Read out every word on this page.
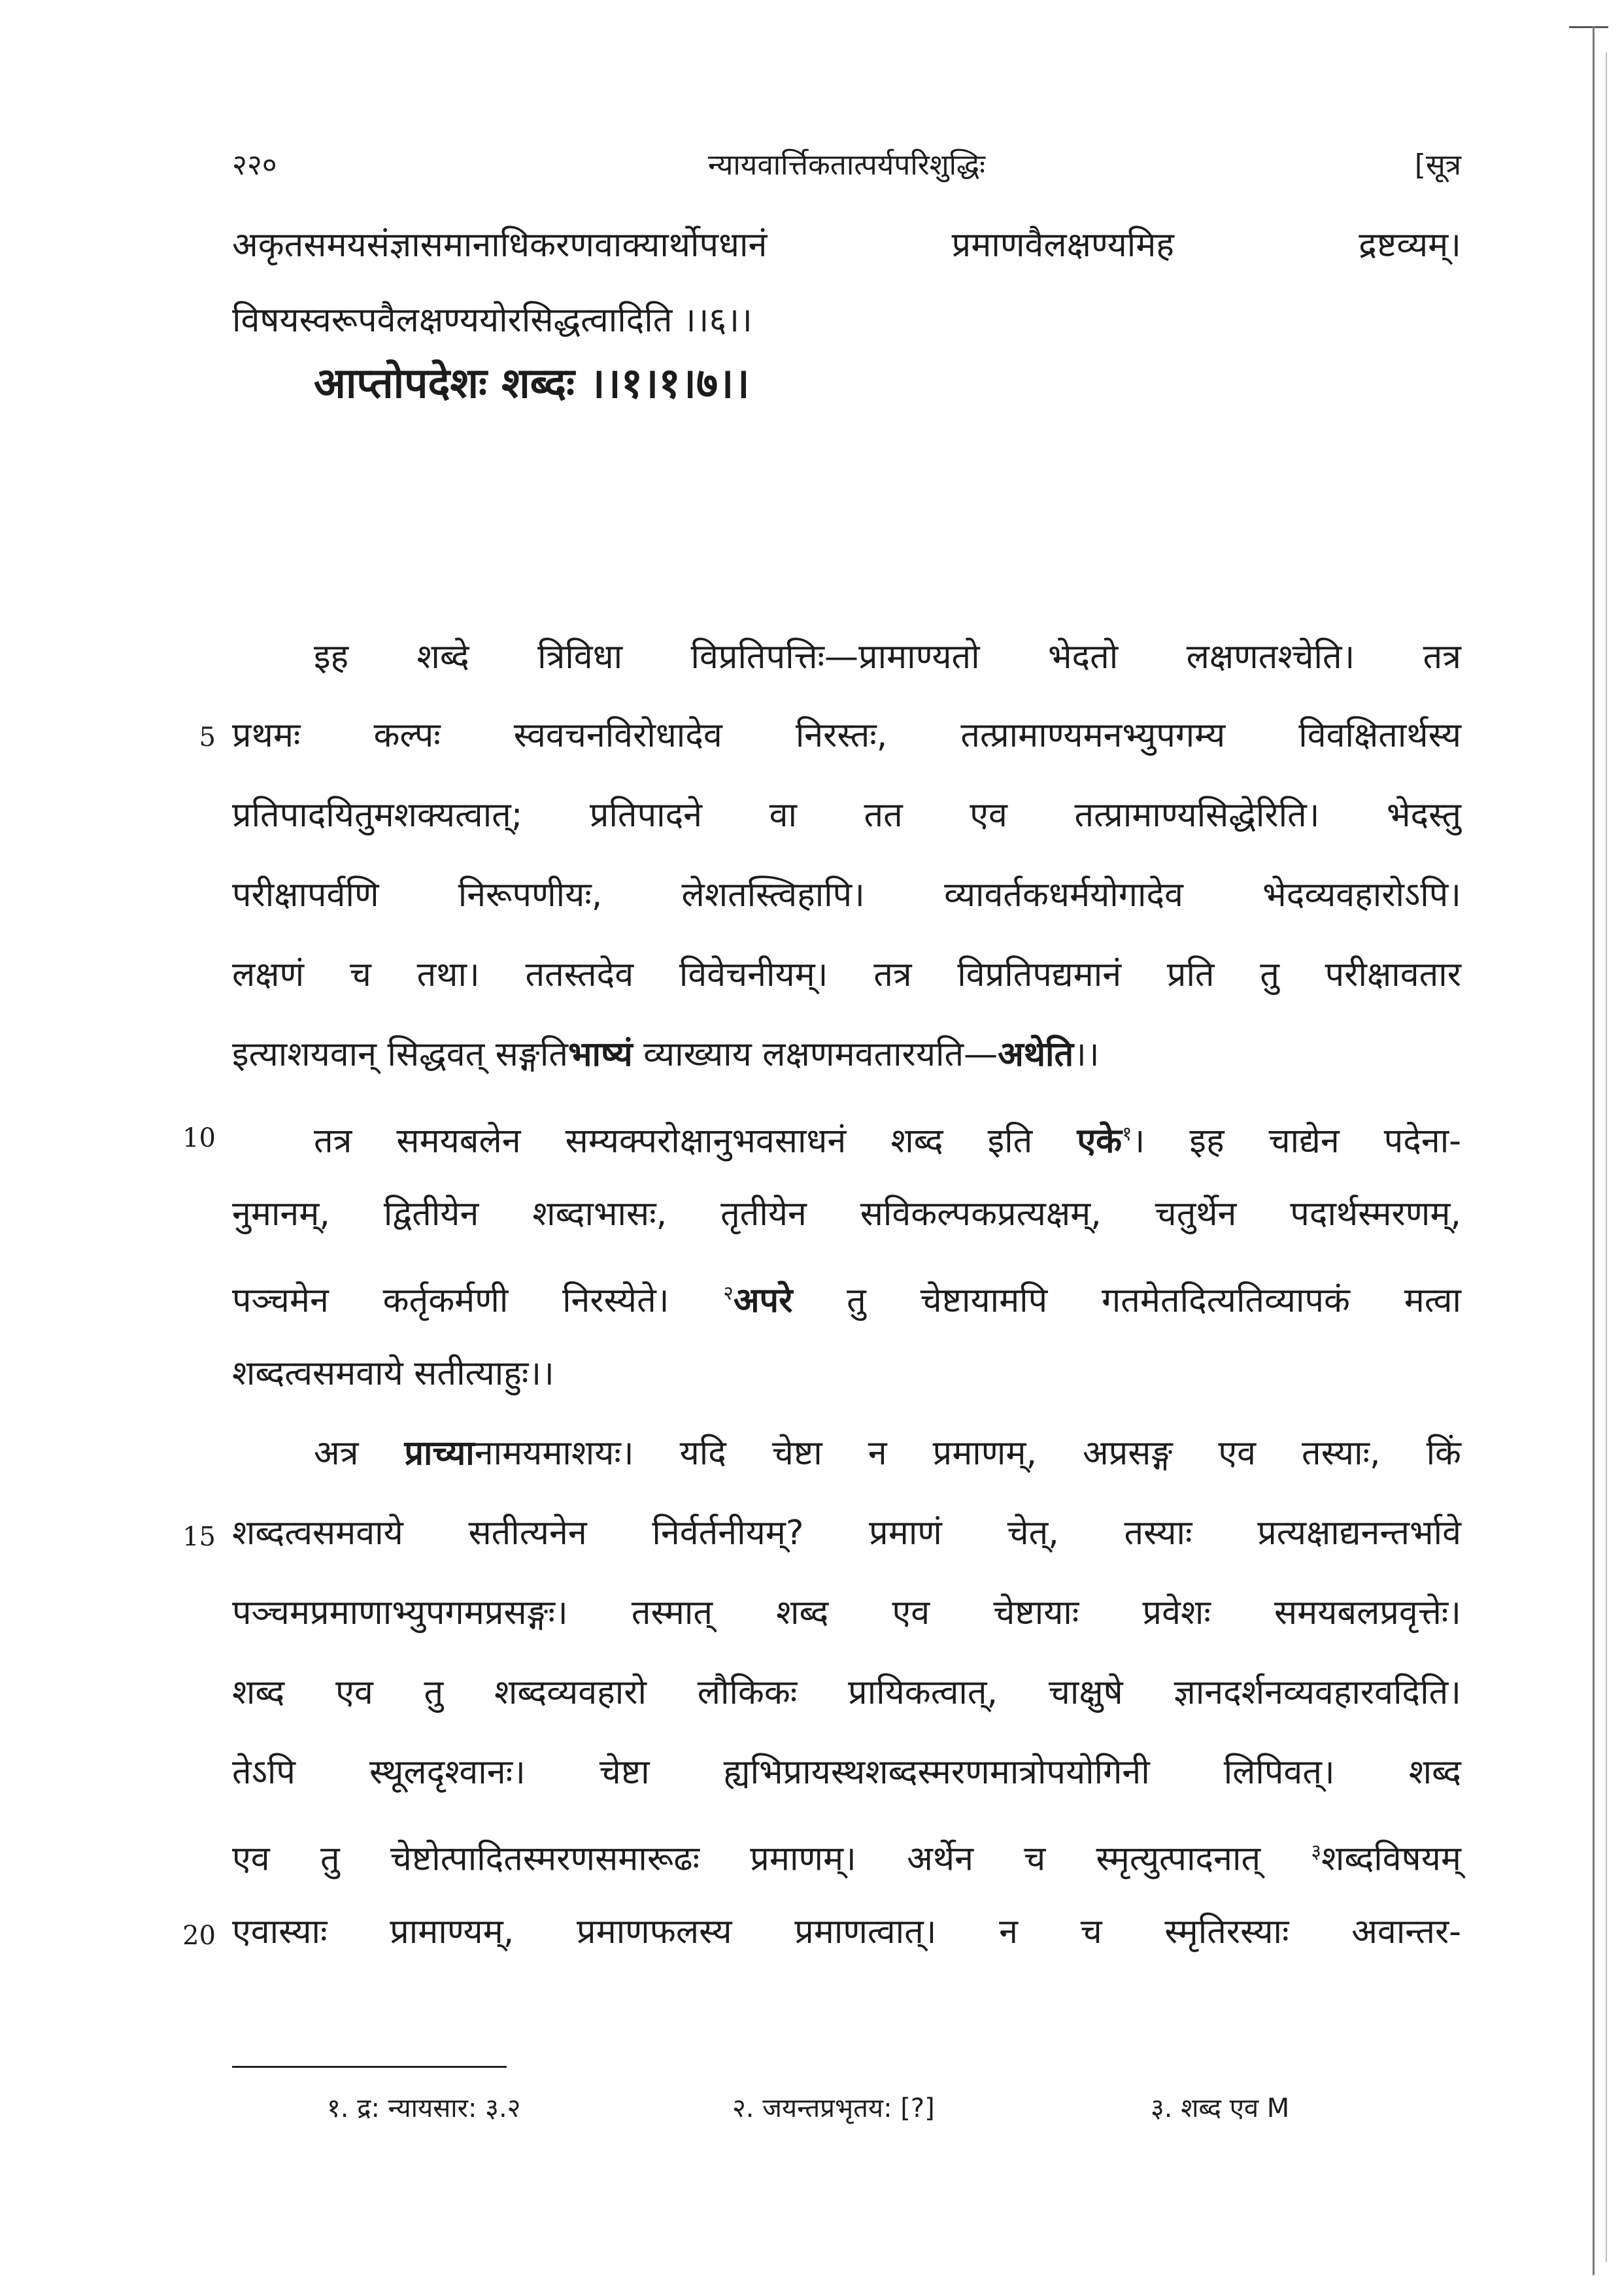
२२०	न्यायवार्त्तिकतात्पर्यपरिशुद्धिः	[सूत्र
अकृतसमयसंज्ञासमानाधिकरणवाक्यार्थोपधानं प्रमाणवैलक्षण्यमिह द्रष्टव्यम्।
विषयस्वरूपवैलक्षण्ययोरसिद्धत्वादिति ।।६।।
आप्तोपदेशः शब्दः ।।१।१।७।।
इह शब्दे त्रिविधा विप्रतिपत्तिः—प्रामाण्यतो भेदतो लक्षणतश्चेति। तत्र
5 प्रथमः कल्पः स्ववचनविरोधादेव निरस्तः, तत्प्रामाण्यमनभ्युपगम्य विवक्षितार्थस्य
प्रतिपादयितुमशक्यत्वात्; प्रतिपादने वा तत एव तत्प्रामाण्यसिद्धेरिति। भेदस्तु
परीक्षापर्वणि निरूपणीयः, लेशतस्त्विहापि। व्यावर्तकधर्मयोगादेव भेदव्यवहारोऽपि।
लक्षणं च तथा। ततस्तदेव विवेचनीयम्। तत्र विप्रतिपद्यमानं प्रति तु परीक्षावतार
इत्याशयवान् सिद्धवत् सङ्गतिभाष्यं व्याख्याय लक्षणमवतारयति—अथेति।।
10	तत्र समयबलेन सम्यक्परोक्षानुभवसाधनं शब्द इति एके$^१$। इह चाद्येन पदेना-
नुमानम्, द्वितीयेन शब्दाभासः, तृतीयेन सविकल्पकप्रत्यक्षम्, चतुर्थेन पदार्थस्मरणम्,
पञ्चमेन कर्तृकर्मणी निरस्येते। $^२$अपरे तु चेष्टायामपि गतमेतदित्यतिव्यापकं मत्वा
शब्दत्वसमवाये सतीत्याहुः।।
अत्र प्राच्यानामयमाशयः। यदि चेष्टा न प्रमाणम्, अप्रसङ्ग एव तस्याः, किं
15 शब्दत्वसमवाये सतीत्यनेन निर्वर्तनीयम्? प्रमाणं चेत्, तस्याः प्रत्यक्षाद्यनन्तर्भावे
पञ्चमप्रमाणाभ्युपगमप्रसङ्गः। तस्मात् शब्द एव चेष्टायाः प्रवेशः समयबलप्रवृत्तेः।
शब्द एव तु शब्दव्यवहारो लौकिकः प्रायिकत्वात्, चाक्षुषे ज्ञानदर्शनव्यवहारवदिति।
तेऽपि स्थूलदृश्वानः। चेष्टा ह्यभिप्रायस्थशब्दस्मरणमात्रोपयोगिनी लिपिवत्। शब्द
एव तु चेष्टोत्पादितस्मरणसमारूढः प्रमाणम्। अर्थेन च स्मृत्युत्पादनात् $^३$शब्दविषयम्
20 एवास्याः प्रामाण्यम्, प्रमाणफलस्य प्रमाणत्वात्। न च स्मृतिरस्याः अवान्तर-
१. द्र: न्यायसार: ३.२	२. जयन्तप्रभृतय: [?]	३. शब्द एव M
